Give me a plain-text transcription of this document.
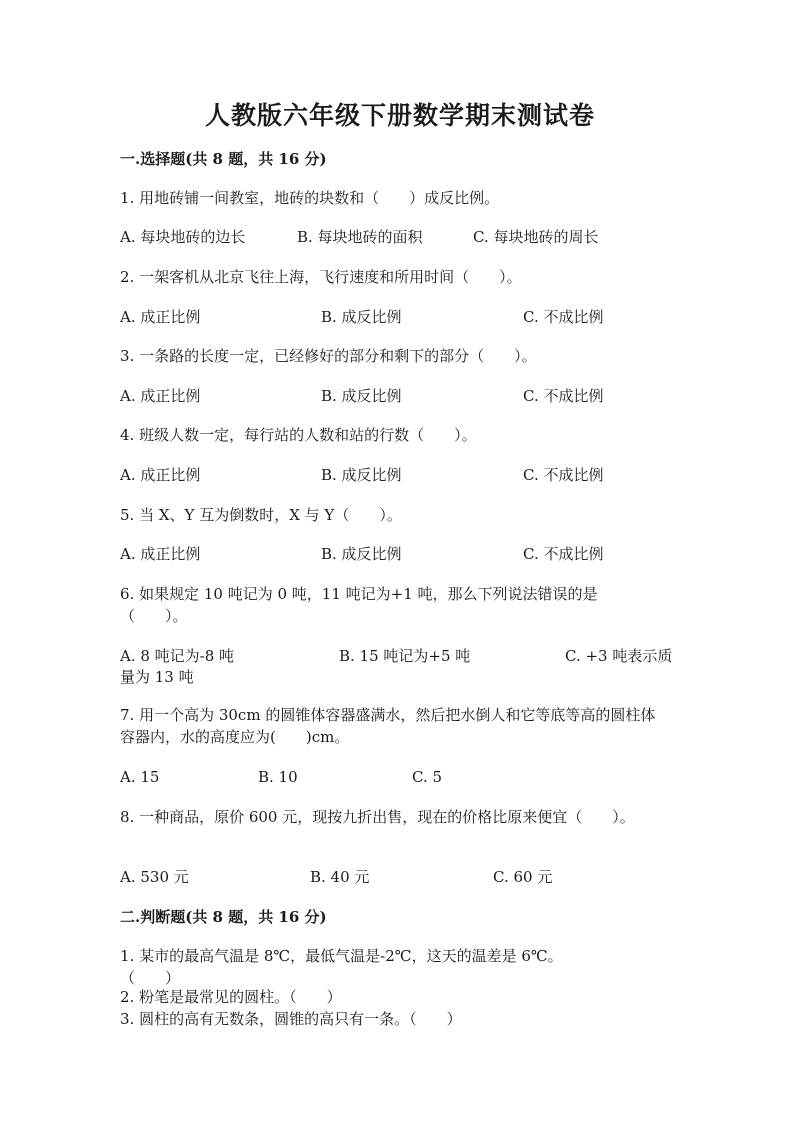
人教版六年级下册数学期末测试卷
一.选择题(共 8 题，共 16 分)
1. 用地砖铺一间教室，地砖的块数和（　　）成反比例。
A. 每块地砖的边长	B. 每块地砖的面积	C. 每块地砖的周长
2. 一架客机从北京飞往上海，飞行速度和所用时间（　　）。
A. 成正比例	B. 成反比例	C. 不成比例
3. 一条路的长度一定，已经修好的部分和剩下的部分（　　）。
A. 成正比例	B. 成反比例	C. 不成比例
4. 班级人数一定，每行站的人数和站的行数（　　）。
A. 成正比例	B. 成反比例	C. 不成比例
5. 当 X、Y 互为倒数时，X 与 Y（　　）。
A. 成正比例	B. 成反比例	C. 不成比例
6. 如果规定 10 吨记为 0 吨，11 吨记为+1 吨，那么下列说法错误的是
（　　）。
A. 8 吨记为-8 吨	B. 15 吨记为+5 吨	C. +3 吨表示质
量为 13 吨
7. 用一个高为 30cm 的圆锥体容器盛满水，然后把水倒人和它等底等高的圆柱体
容器内，水的高度应为(　　)cm。
A. 15	B. 10	C. 5
8. 一种商品，原价 600 元，现按九折出售，现在的价格比原来便宜（　　）。
A. 530 元	B. 40 元	C. 60 元
二.判断题(共 8 题，共 16 分)
1. 某市的最高气温是 8℃，最低气温是-2℃，这天的温差是 6℃。
（　　）
2. 粉笔是最常见的圆柱。（　　）
3. 圆柱的高有无数条，圆锥的高只有一条。（　　）
